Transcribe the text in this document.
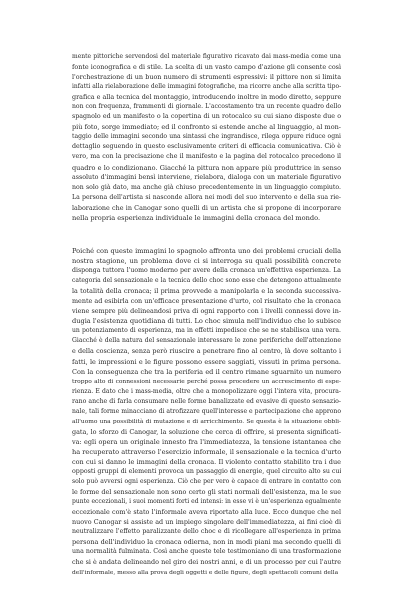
mente pittoriche servendosi del materiale figurativo ricavato dai mass-media come una
fonte iconografica e di stile. La scelta di un vasto campo d'azione gli consente così
l'orchestrazione di un buon numero di strumenti espressivi: il pittore non si limita
infatti alla rielaborazione delle immagini fotografiche, ma ricorre anche alla scritta tipo-
grafica e alla tecnica del montaggio, introducendo inoltre in modo diretto, seppure
non con frequenza, frammenti di giornale. L'accostamento tra un recente quadro dello
spagnolo ed un manifesto o la copertina di un rotocalco su cui siano disposte due o
più foto, sorge immediato; ed il confronto si estende anche al linguaggio, al mon-
taggio delle immagini secondo una sintassi che ingrandisce, rilega oppure riduce ogni
dettaglio seguendo in questo esclusivamente criteri di efficacia comunicativa. Ciò è
vero, ma con la precisazione che il manifesto e la pagina del rotocalco precedono il
quadro e lo condizionano. Giacché la pittura non appare più produttrice in senso
assoluto d'immagini bensì interviene, rielabora, dialoga con un materiale figurativo
non solo già dato, ma anche già chiuso precedentemente in un linguaggio compiuto.
La persona dell'artista si nasconde allora nei modi del suo intervento e della sua rie-
laborazione che in Canogar sono quelli di un artista che si propone di incorporare
nella propria esperienza individuale le immagini della cronaca del mondo.
Poiché con queste immagini lo spagnolo affronta uno dei problemi cruciali della
nostra stagione, un problema dove ci si interroga su quali possibilità concrete
disponga tuttora l'uomo moderno per avere della cronaca un'effettiva esperienza. La
categoria del sensazionale e la tecnica dello choc sono esse che detengono attualmente
la totalità della cronaca; il prima provvede a manipolarla e la seconda successiva-
mente ad esibirla con un'efficace presentazione d'urto, col risultato che la cronaca
viene sempre più delineandosi priva di ogni rapporto con i livelli connessi dove in-
dugia l'esistenza quotidiana di tutti. Lo choc simula nell'individuo che lo subisce
un potenziamento di esperienza, ma in effetti impedisce che se ne stabilisca una vera.
Giacché è della natura del sensazionale interessare le zone periferiche dell'attenzione
e della coscienza, senza però riuscire a penetrare fino al centro, là dove soltanto i
fatti, le impressioni e le figure possono essere saggiati, vissuti in prima persona.
Con la conseguenza che tra la periferia ed il centro rimane sguarnito un numero
troppo alto di connessioni necessarie perché possa procedere un accrescimento di espe-
rienza. E dato che i mass-media, oltre che a monopolizzare oggi l'intera vita, procura-
rano anche di farla consumare nelle forme banalizzate ed evasive di questo sensazio-
nale, tali forme minacciano di atrofizzare quell'interesse e partecipazione che approno
all'uomo una possibilità di mutazione e di arricchimento. Se questa è la situazione obbli-
gata, lo sforzo di Canogar, la soluzione che cerca di offrire, si presenta significati-
va: egli opera un originale innesto fra l'immediatezza, la tensione istantanea che
ha recuperato attraverso l'esercizio informale, il sensazionale e la tecnica d'urto
con cui si danno le immagini della cronaca. Il violento contatto stabilito tra i due
opposti gruppi di elementi provoca un passaggio di energie, quel circuito alto su cui
solo può avversi ogni esperienza. Ciò che per vero è capace di entrare in contatto con
le forme del sensazionale non sono certo gli stati normali dell'esistenza, ma le sue
punte eccezionali, i suoi momenti forti ed intensi: in esse vi è un'esperienza egualmente
eccezionale com'è stato l'informale aveva riportato alla luce. Ecco dunque che nel
nuovo Canogar si assiste ad un impiego singolare dell'immediatezza, ai fini cioè di
neutralizzare l'effetto paralizzante dello choc e di ricollegare all'esperienza in prima
persona dell'individuo la cronaca odierna, non in modi piani ma secondo quelli di
una normalità fulminata. Così anche queste tele testimoniano di una trasformazione
che si è andata delineando nel giro dei nostri anni, e di un processo per cui l'autre
dell'informale, messo alla prova degli oggetti e delle figure, degli spettacoli comuni della
